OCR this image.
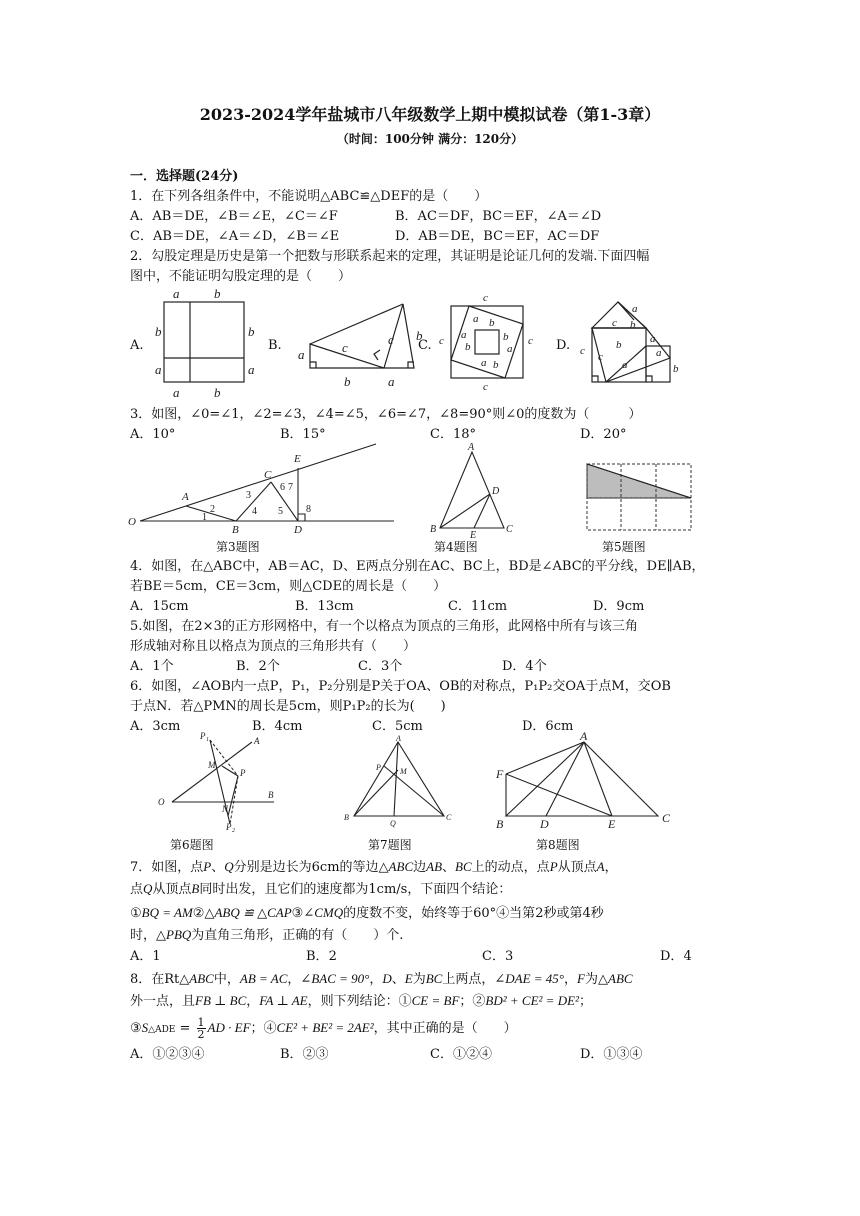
2023-2024学年盐城市八年级数学上期中模拟试卷（第1-3章）
（时间：100分钟 满分：120分）
一．选择题(24分)
1．在下列各组条件中，不能说明△ABC≌△DEF的是（　　）
A．AB＝DE，∠B＝∠E，∠C＝∠F	B．AC＝DF，BC＝EF，∠A＝∠D
C．AB＝DE，∠A＝∠D，∠B＝∠E	D．AB＝DE，BC＝EF，AC＝DF
2．勾股定理是历史是第一个把数与形联系起来的定理，其证明是论证几何的发端.下面四幅
图中，不能证明勾股定理的是（　　）
A.	B.	C.	D.
a	b
b	b
a	a
a	b
a
b
c
c b
a
c
c	c
c
a b
a
b
b
a
a b
c
a
b
c
b	a
a
b
c
a
3．如图，∠0=∠1，∠2=∠3，∠4=∠5，∠6=∠7，∠8=90°则∠0的度数为（　　　）
A．10°	B．15°	C．18°	D．20°
O
A
B
C
D
E
1
2
3
4 5
6 7
8
A
B	C
D
E
第3题图	第4题图	第5题图
4．如图，在△ABC中，AB＝AC，D、E两点分别在AC、BC上，BD是∠ABC的平分线，DE∥AB，
若BE＝5cm，CE＝3cm，则△CDE的周长是（　　）
A．15cm	B．13cm	C．11cm	D．9cm
5.如图，在2×3的正方形网格中，有一个以格点为顶点的三角形，此网格中所有与该三角
形成轴对称且以格点为顶点的三角形共有（　　）
A．1个	B．2个	C．3个	D．4个
6．如图，∠AOB内一点P，P₁，P₂分别是P关于OA、OB的对称点，P₁P₂交OA于点M，交OB
于点N．若△PMN的周长是5cm，则P₁P₂的长为(　　)
A．3cm	B．4cm	C．5cm	D．6cm
O
A
B
P
M
N
P 1
P 2
A
B	C
P M
Q
A
B	C
D	E
F
第6题图	第7题图	第8题图
7．如图，点P、Q分别是边长为6cm的等边△ABC边AB、BC上的动点，点P从顶点A，
点Q从顶点B同时出发，且它们的速度都为1cm/s，下面四个结论：
①BQ = AM②△ABQ ≌ △CAP③∠CMQ的度数不变，始终等于60°④当第2秒或第4秒
时，△PBQ为直角三角形，正确的有（　　）个.
A．1	B．2	C．3	D．4
8．在Rt△ABC中，AB = AC，∠BAC = 90°，D、E为BC上两点，∠DAE = 45°，F为△ABC
外一点，且FB ⊥ BC，FA ⊥ AE，则下列结论：①CE = BF；②BD² + CE² = DE²；
③S△ADE = $\frac{1}{2}$ AD · EF；④CE² + BE² = 2AE²，其中正确的是（　　）
A．①②③④	B．②③	C．①②④	D．①③④
